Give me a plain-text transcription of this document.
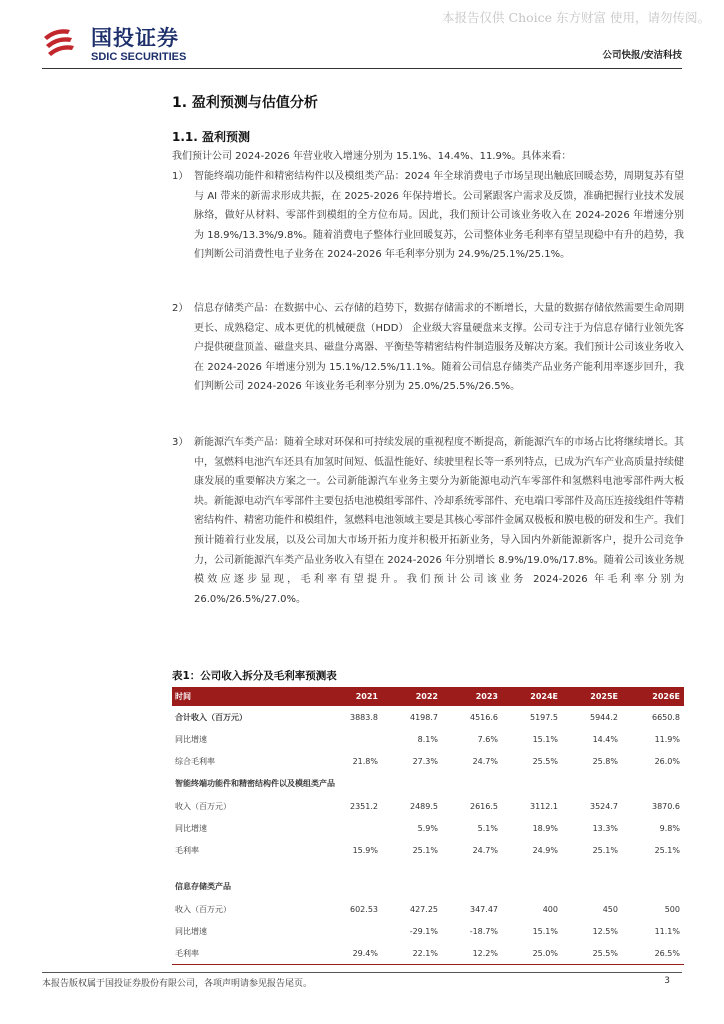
本报告仅供 Choice 东方财富 使用，请勿传阅。
国投证券
SDIC SECURITIES	公司快报/安洁科技
1. 盈利预测与估值分析
1.1. 盈利预测

我们预计公司 2024-2026 年营业收入增速分别为 15.1%、14.4%、11.9%。具体来看：

1） 智能终端功能件和精密结构件以及模组类产品：2024 年全球消费电子市场呈现出触底回暖态势，周期复苏有望与 AI 带来的新需求形成共振，在 2025-2026 年保持增长。公司紧跟客户需求及反馈，准确把握行业技术发展脉络，做好从材料、零部件到模组的全方位布局。因此，我们预计公司该业务收入在 2024-2026 年增速分别为 18.9%/13.3%/9.8%。随着消费电子整体行业回暖复苏，公司整体业务毛利率有望呈现稳中有升的趋势，我们判断公司消费性电子业务在 2024-2026 年毛利率分别为 24.9%/25.1%/25.1%。
2） 信息存储类产品：在数据中心、云存储的趋势下，数据存储需求的不断增长，大量的数据存储依然需要生命周期更长、成熟稳定、成本更优的机械硬盘（HDD） 企业级大容量硬盘来支撑。公司专注于为信息存储行业领先客户提供硬盘顶盖、磁盘夹具、磁盘分离器、平衡垫等精密结构件制造服务及解决方案。我们预计公司该业务收入在 2024-2026 年增速分别为 15.1%/12.5%/11.1%。随着公司信息存储类产品业务产能利用率逐步回升，我们判断公司 2024-2026 年该业务毛利率分别为 25.0%/25.5%/26.5%。
3） 新能源汽车类产品：随着全球对环保和可持续发展的重视程度不断提高，新能源汽车的市场占比将继续增长。其中，氢燃料电池汽车还具有加氢时间短、低温性能好、续驶里程长等一系列特点，已成为汽车产业高质量持续健康发展的重要解决方案之一。公司新能源汽车业务主要分为新能源电动汽车零部件和氢燃料电池零部件两大板块。新能源电动汽车零部件主要包括电池模组零部件、冷却系统零部件、充电端口零部件及高压连接线组件等精密结构件、精密功能件和模组件，氢燃料电池领域主要是其核心零部件金属双极板和膜电极的研发和生产。我们预计随着行业发展，以及公司加大市场开拓力度并积极开拓新业务，导入国内外新能源新客户，提升公司竞争力，公司新能源汽车类产品业务收入有望在 2024-2026 年分别增长 8.9%/19.0%/17.8%。随着公司该业务规模效应逐步显现，毛利率有望提升。我们预计公司该业务 2024-2026 年毛利率分别为 26.0%/26.5%/27.0%。
表1：公司收入拆分及毛利率预测表
时间	2021	2022	2023	2024E	2025E	2026E
合计收入（百万元）	3883.8	4198.7	4516.6	5197.5	5944.2	6650.8
同比增速		8.1%	7.6%	15.1%	14.4%	11.9%
综合毛利率	21.8%	27.3%	24.7%	25.5%	25.8%	26.0%
智能终端功能件和精密结构件以及模组类产品						
收入（百万元）	2351.2	2489.5	2616.5	3112.1	3524.7	3870.6
同比增速		5.9%	5.1%	18.9%	13.3%	9.8%
毛利率	15.9%	25.1%	24.7%	24.9%	25.1%	25.1%

信息存储类产品						
收入（百万元）	602.53	427.25	347.47	400	450	500
同比增速		-29.1%	-18.7%	15.1%	12.5%	11.1%
毛利率	29.4%	22.1%	12.2%	25.0%	25.5%	26.5%
本报告版权属于国投证券股份有限公司，各项声明请参见报告尾页。	3
